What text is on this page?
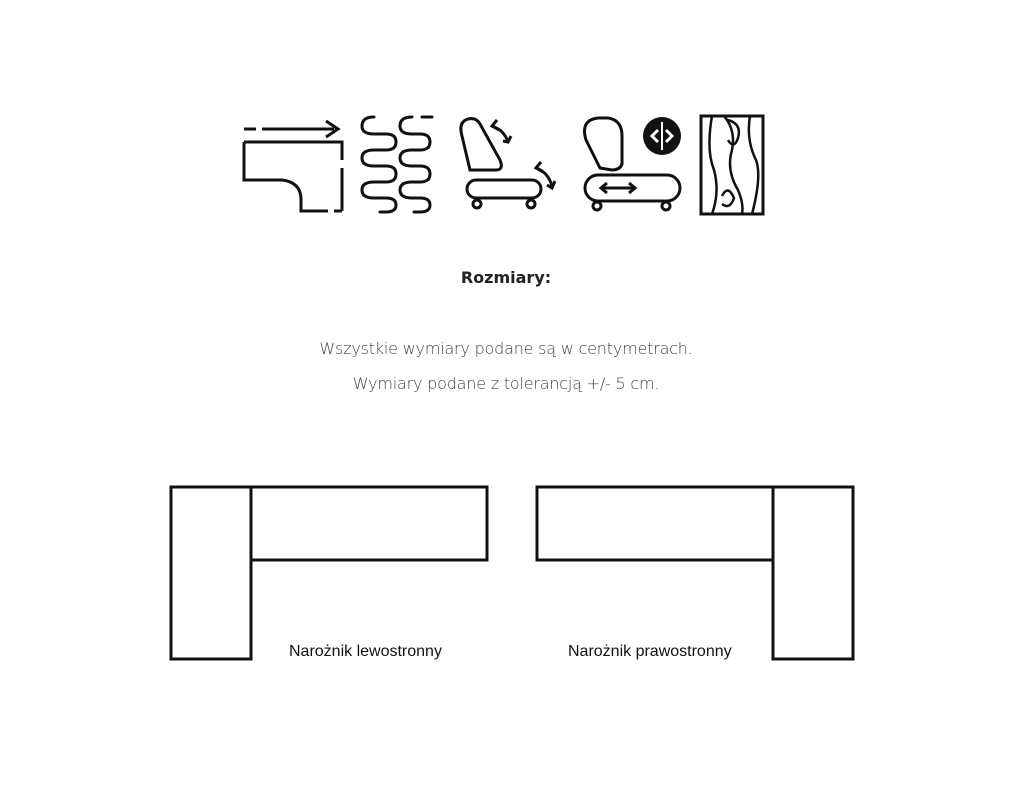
Rozmiary:
Wszystkie wymiary podane są w centymetrach.
Wymiary podane z tolerancją +/- 5 cm.
Narożnik lewostronny	Narożnik prawostronny
